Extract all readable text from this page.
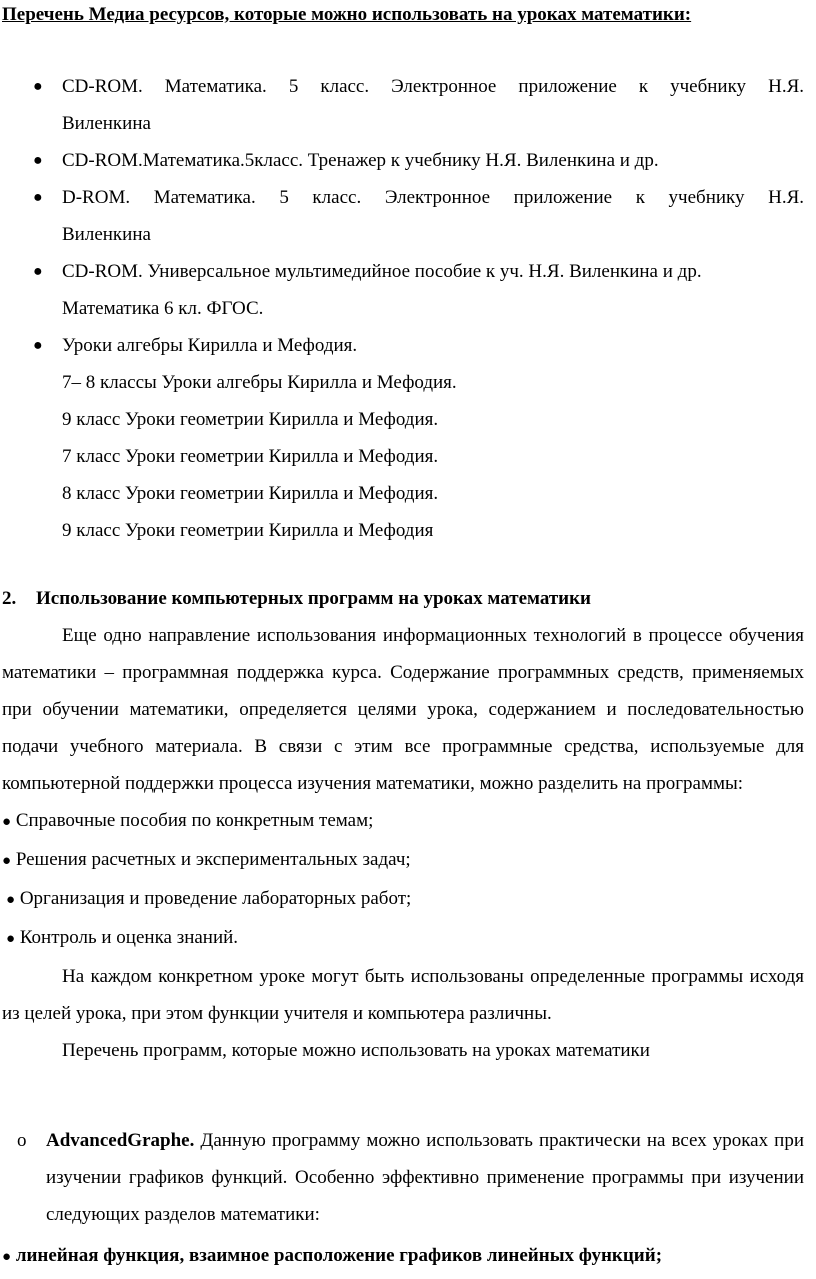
Перечень Медиа ресурсов, которые можно использовать на уроках математики:

● CD-ROM. Математика. 5 класс. Электронное приложение к учебнику Н.Я.
Виленкина
● CD-ROM.Математика.5класс. Тренажер к учебнику Н.Я. Виленкина и др.
● D-ROM. Математика. 5 класс. Электронное приложение к учебнику Н.Я.
Виленкина
● CD-ROM. Универсальное мультимедийное пособие к уч. Н.Я. Виленкина и др.
Математика 6 кл. ФГОС.
● Уроки алгебры Кирилла и Мефодия.
7– 8 классы Уроки алгебры Кирилла и Мефодия.
9 класс Уроки геометрии Кирилла и Мефодия.
7 класс Уроки геометрии Кирилла и Мефодия.
8 класс Уроки геометрии Кирилла и Мефодия.
9 класс Уроки геометрии Кирилла и Мефодия

2. Использование компьютерных программ на уроках математики

Еще одно направление использования информационных технологий в процессе обучения математики – программная поддержка курса. Содержание программных средств, применяемых при обучении математики, определяется целями урока, содержанием и последовательностью подачи учебного материала. В связи с этим все программные средства, используемые для компьютерной поддержки процесса изучения математики, можно разделить на программы:

● Справочные пособия по конкретным темам;
● Решения расчетных и экспериментальных задач;
● Организация и проведение лабораторных работ;
● Контроль и оценка знаний.

На каждом конкретном уроке могут быть использованы определенные программы исходя из целей урока, при этом функции учителя и компьютера различны.

Перечень программ, которые можно использовать на уроках математики

o AdvancedGraphe. Данную программу можно использовать практически на всех уроках при изучении графиков функций. Особенно эффективно применение программы при изучении следующих разделов математики:

● линейная функция, взаимное расположение графиков линейных функций;
